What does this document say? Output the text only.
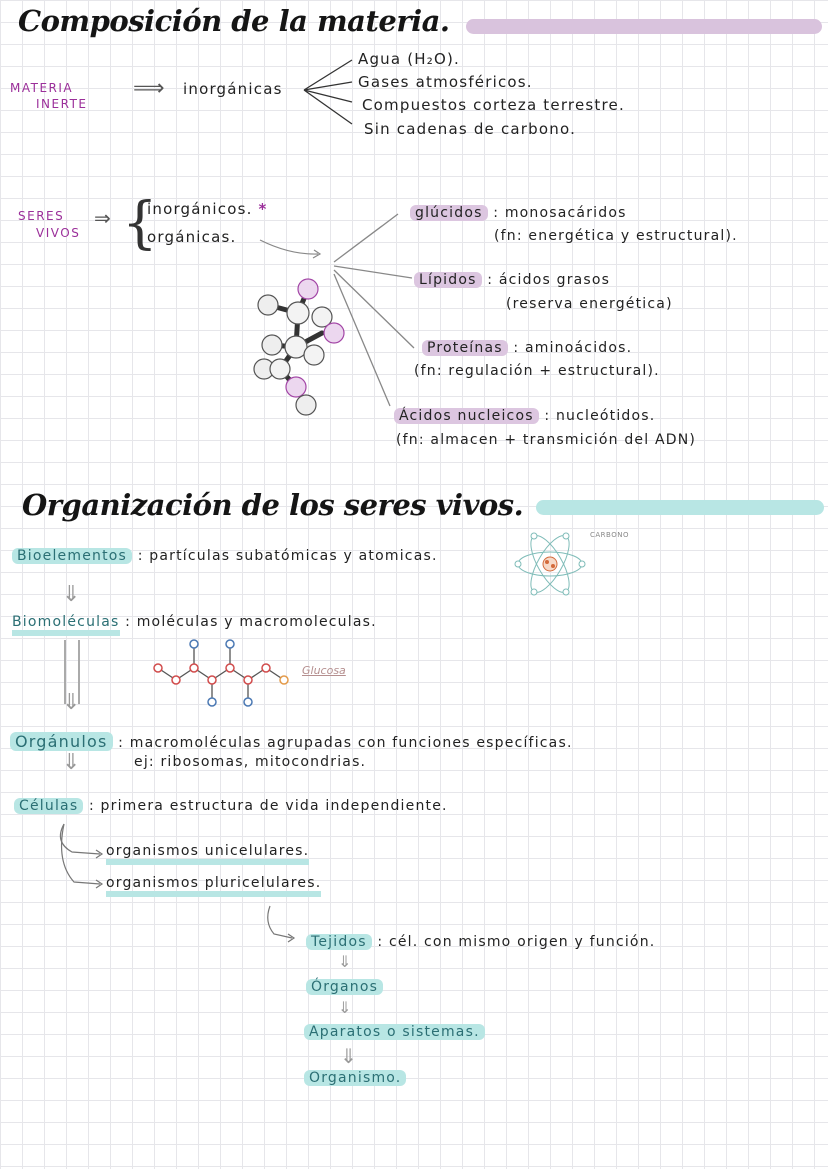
Composición de la materia.
MATERIA
INERTE
⟹ inorgánicas
Agua (H₂O).
Gases atmosféricos.
Compuestos corteza terrestre.
Sin cadenas de carbono.
SERES
VIVOS
⇒ {
inorgánicos. *
orgánicas.
glúcidos : monosacáridos
(fn: energética y estructural).
Lípidos : ácidos grasos
(reserva energética)
Proteínas : aminoácidos.
(fn: regulación + estructural).
Ácidos nucleicos : nucleótidos.
(fn: almacen + transmición del ADN)
Organización de los seres vivos.
CARBONO
Bioelementos : partículas subatómicas y atomicas.
⇓
Biomoléculas : moléculas y macromoleculas.
⇓
Glucosa
Orgánulos : macromoléculas agrupadas con funciones específicas.
ej: ribosomas, mitocondrias.
⇓
Células : primera estructura de vida independiente.
organismos unicelulares.
organismos pluricelulares.
Tejidos : cél. con mismo origen y función.
⇓
Órganos
⇓
Aparatos o sistemas.
⇓
Organismo.
